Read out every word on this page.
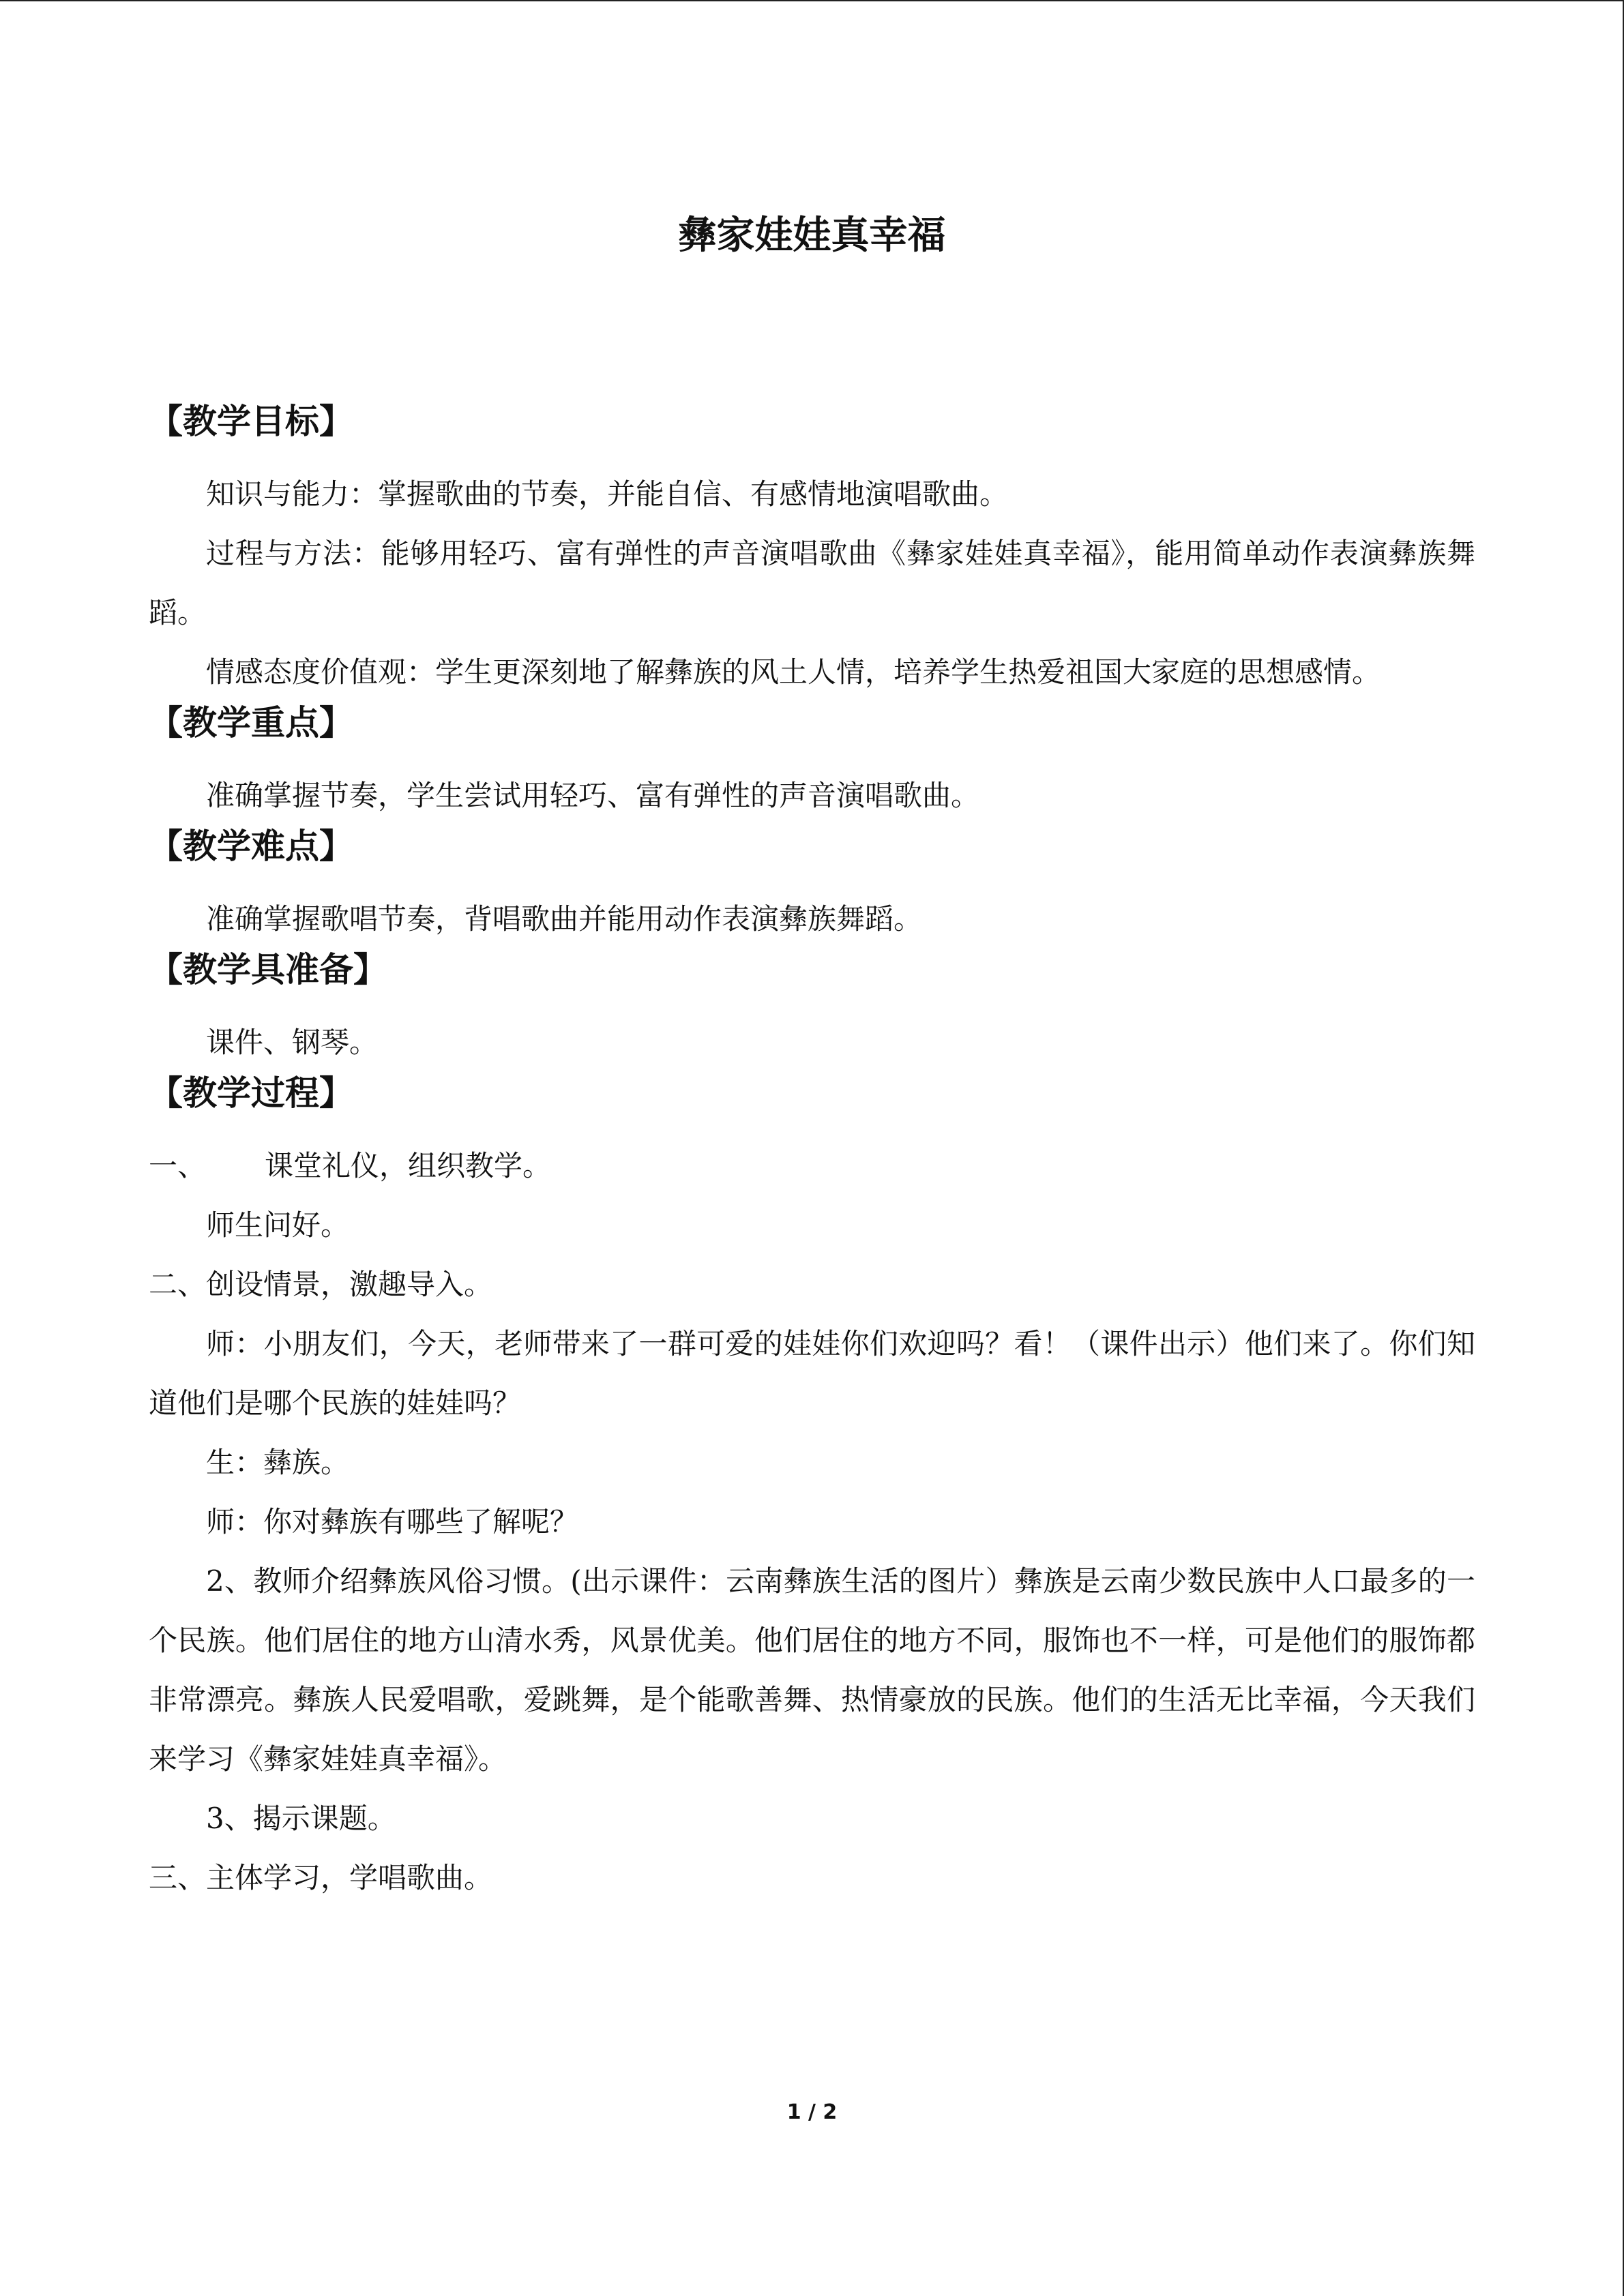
彝家娃娃真幸福
【教学目标】

知识与能力：掌握歌曲的节奏，并能自信、有感情地演唱歌曲。

过程与方法：能够用轻巧、富有弹性的声音演唱歌曲《彝家娃娃真幸福》，能用简单动作表演彝族舞蹈。

情感态度价值观：学生更深刻地了解彝族的风土人情，培养学生热爱祖国大家庭的思想感情。

【教学重点】

准确掌握节奏，学生尝试用轻巧、富有弹性的声音演唱歌曲。

【教学难点】

准确掌握歌唱节奏，背唱歌曲并能用动作表演彝族舞蹈。

【教学具准备】

课件、钢琴。

【教学过程】

一、 课堂礼仪，组织教学。

师生问好。

二、创设情景，激趣导入。

师：小朋友们，今天，老师带来了一群可爱的娃娃你们欢迎吗？看！（课件出示）他们来了。你们知道他们是哪个民族的娃娃吗？

生：彝族。

师：你对彝族有哪些了解呢？

2、教师介绍彝族风俗习惯。(出示课件：云南彝族生活的图片）彝族是云南少数民族中人口最多的一个民族。他们居住的地方山清水秀，风景优美。他们居住的地方不同，服饰也不一样，可是他们的服饰都非常漂亮。彝族人民爱唱歌，爱跳舞，是个能歌善舞、热情豪放的民族。他们的生活无比幸福，今天我们来学习《彝家娃娃真幸福》。

3、揭示课题。

三、主体学习，学唱歌曲。

1 / 2
